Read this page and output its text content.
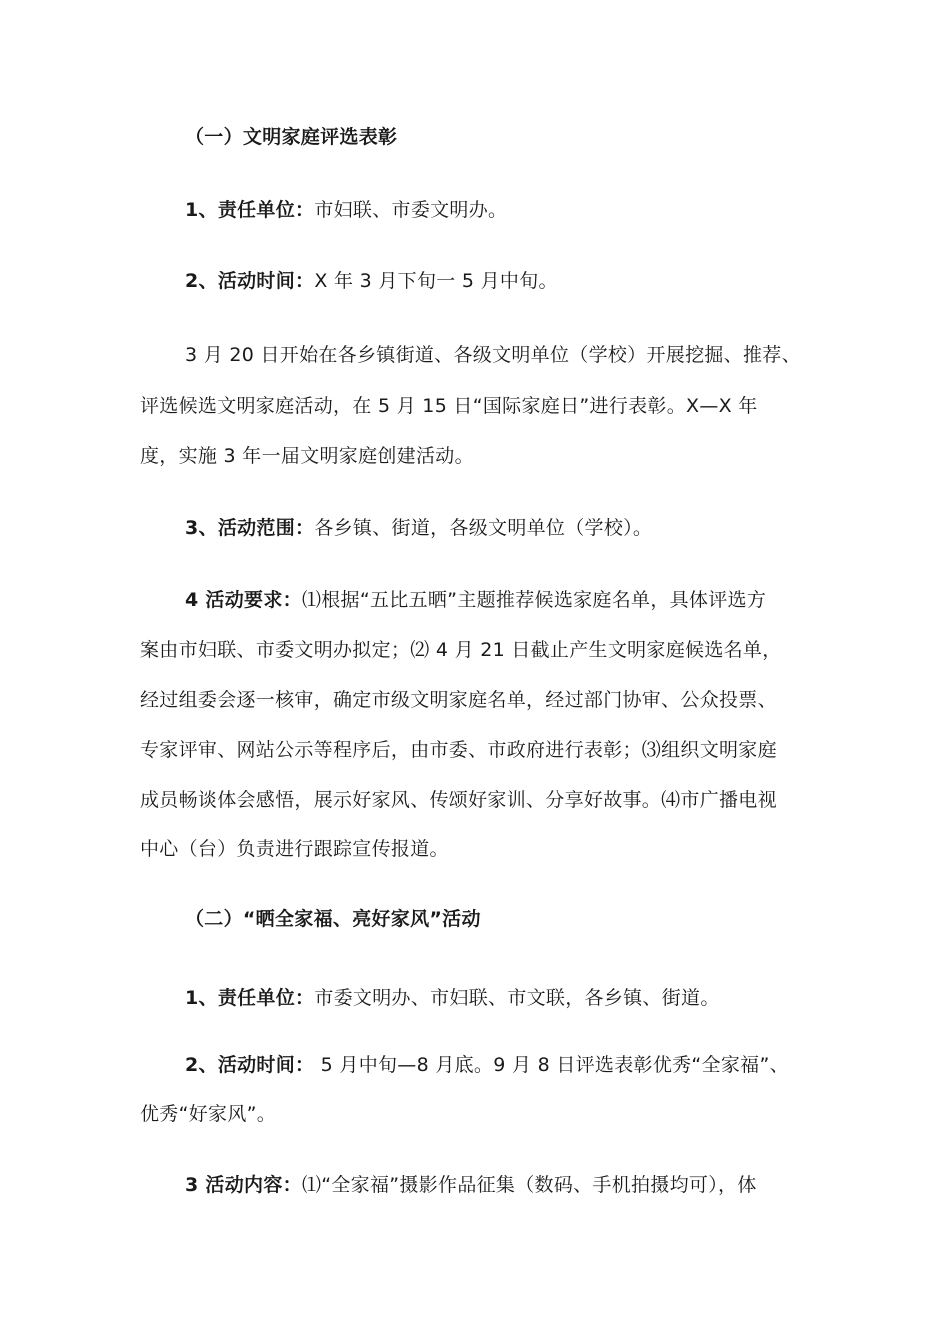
（一）文明家庭评选表彰
1、责任单位：市妇联、市委文明办。
2、活动时间：X 年 3 月下旬一 5 月中旬。
3 月 20 日开始在各乡镇街道、各级文明单位（学校）开展挖掘、推荐、
评选候选文明家庭活动，在 5 月 15 日“国际家庭日”进行表彰。X—X 年
度，实施 3 年一届文明家庭创建活动。
3、活动范围：各乡镇、街道，各级文明单位（学校）。
4 活动要求：⑴根据“五比五晒”主题推荐候选家庭名单，具体评选方
案由市妇联、市委文明办拟定；⑵ 4 月 21 日截止产生文明家庭候选名单，
经过组委会逐一核审，确定市级文明家庭名单，经过部门协审、公众投票、
专家评审、网站公示等程序后，由市委、市政府进行表彰；⑶组织文明家庭
成员畅谈体会感悟，展示好家风、传颂好家训、分享好故事。⑷市广播电视
中心（台）负责进行跟踪宣传报道。
（二）“晒全家福、亮好家风”活动
1、责任单位：市委文明办、市妇联、市文联，各乡镇、街道。
2、活动时间： 5 月中旬—8 月底。9 月 8 日评选表彰优秀“全家福”、
优秀“好家风”。
3 活动内容：⑴“全家福”摄影作品征集（数码、手机拍摄均可），体
